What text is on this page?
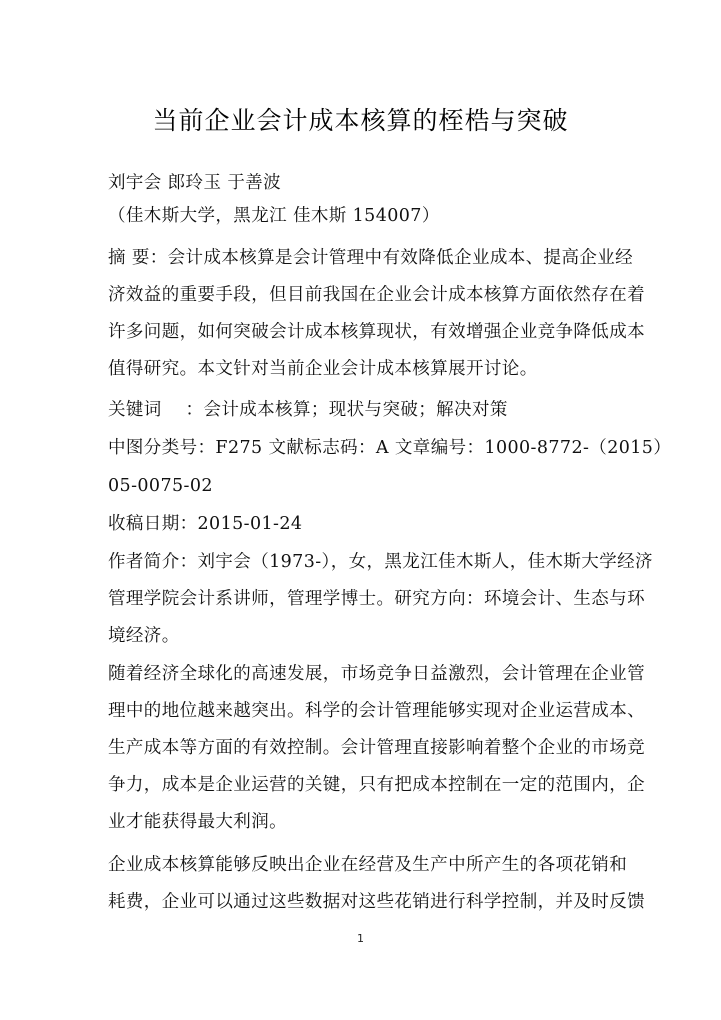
当前企业会计成本核算的桎梏与突破
刘宇会 郎玲玉 于善波
（佳木斯大学，黑龙江 佳木斯 154007）
摘 要：会计成本核算是会计管理中有效降低企业成本、提高企业经
济效益的重要手段，但目前我国在企业会计成本核算方面依然存在着
许多问题，如何突破会计成本核算现状，有效增强企业竞争降低成本
值得研究。本文针对当前企业会计成本核算展开讨论。
关键词　 ：会计成本核算；现状与突破；解决对策
中图分类号：F275 文献标志码：A 文章编号：1000-8772-（2015）
05-0075-02
收稿日期：2015-01-24
作者简介：刘宇会（1973-），女，黑龙江佳木斯人，佳木斯大学经济
管理学院会计系讲师，管理学博士。研究方向：环境会计、生态与环
境经济。
随着经济全球化的高速发展，市场竞争日益激烈，会计管理在企业管
理中的地位越来越突出。科学的会计管理能够实现对企业运营成本、
生产成本等方面的有效控制。会计管理直接影响着整个企业的市场竞
争力，成本是企业运营的关键，只有把成本控制在一定的范围内，企
业才能获得最大利润。
企业成本核算能够反映出企业在经营及生产中所产生的各项花销和
耗费，企业可以通过这些数据对这些花销进行科学控制，并及时反馈
1
